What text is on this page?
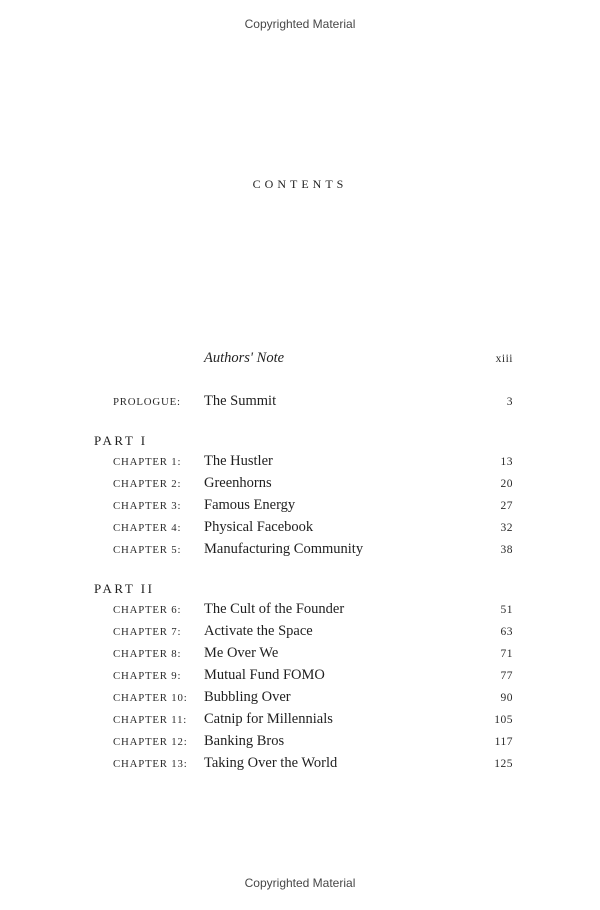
Copyrighted Material
CONTENTS
Authors' Note	xiii
PROLOGUE:	The Summit	3
PART I
CHAPTER 1:	The Hustler	13
CHAPTER 2:	Greenhorns	20
CHAPTER 3:	Famous Energy	27
CHAPTER 4:	Physical Facebook	32
CHAPTER 5:	Manufacturing Community	38
PART II
CHAPTER 6:	The Cult of the Founder	51
CHAPTER 7:	Activate the Space	63
CHAPTER 8:	Me Over We	71
CHAPTER 9:	Mutual Fund FOMO	77
CHAPTER 10:	Bubbling Over	90
CHAPTER 11:	Catnip for Millennials	105
CHAPTER 12:	Banking Bros	117
CHAPTER 13:	Taking Over the World	125
Copyrighted Material
